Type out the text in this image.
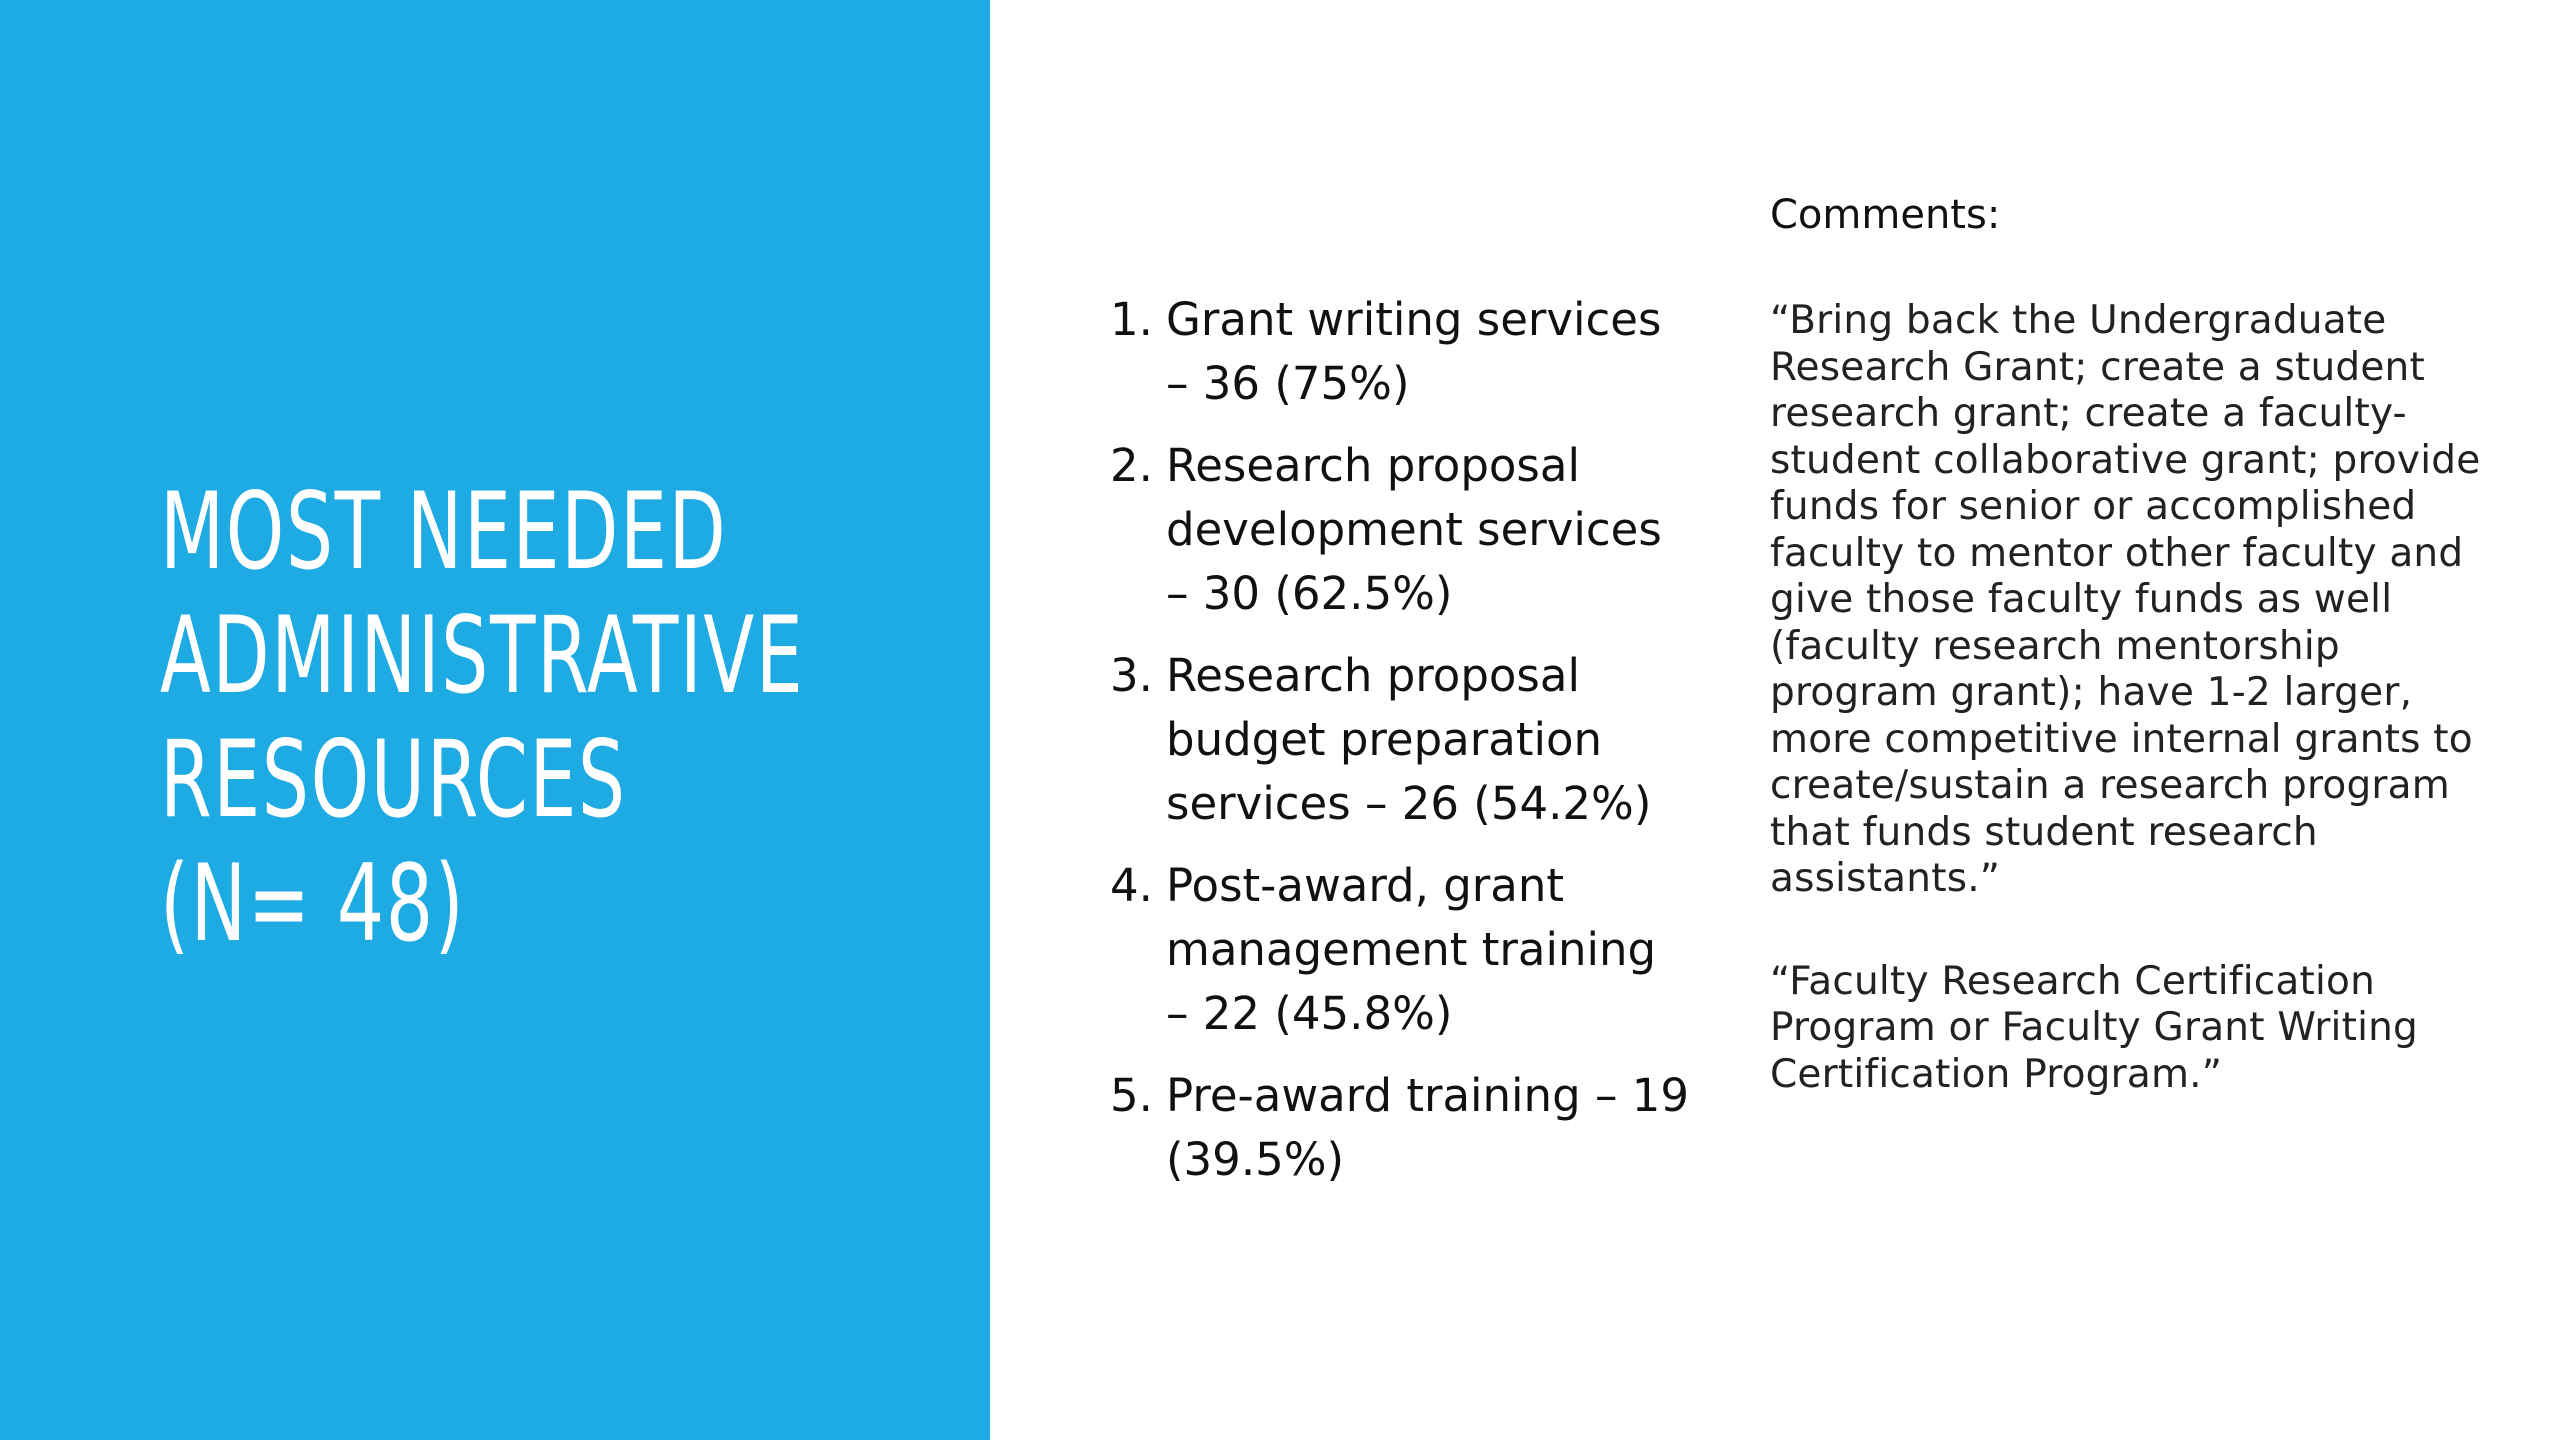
MOST NEEDED
ADMINISTRATIVE
RESOURCES
(N= 48)
1. Grant writing services – 36 (75%)
2. Research proposal development services – 30 (62.5%)
3. Research proposal budget preparation services – 26 (54.2%)
4. Post-award, grant management training – 22 (45.8%)
5. Pre-award training – 19 (39.5%)

Comments:

“Bring back the Undergraduate Research Grant; create a student research grant; create a faculty-student collaborative grant; provide funds for senior or accomplished faculty to mentor other faculty and give those faculty funds as well (faculty research mentorship program grant); have 1-2 larger, more competitive internal grants to create/sustain a research program that funds student research assistants.”

“Faculty Research Certification Program or Faculty Grant Writing Certification Program.”
